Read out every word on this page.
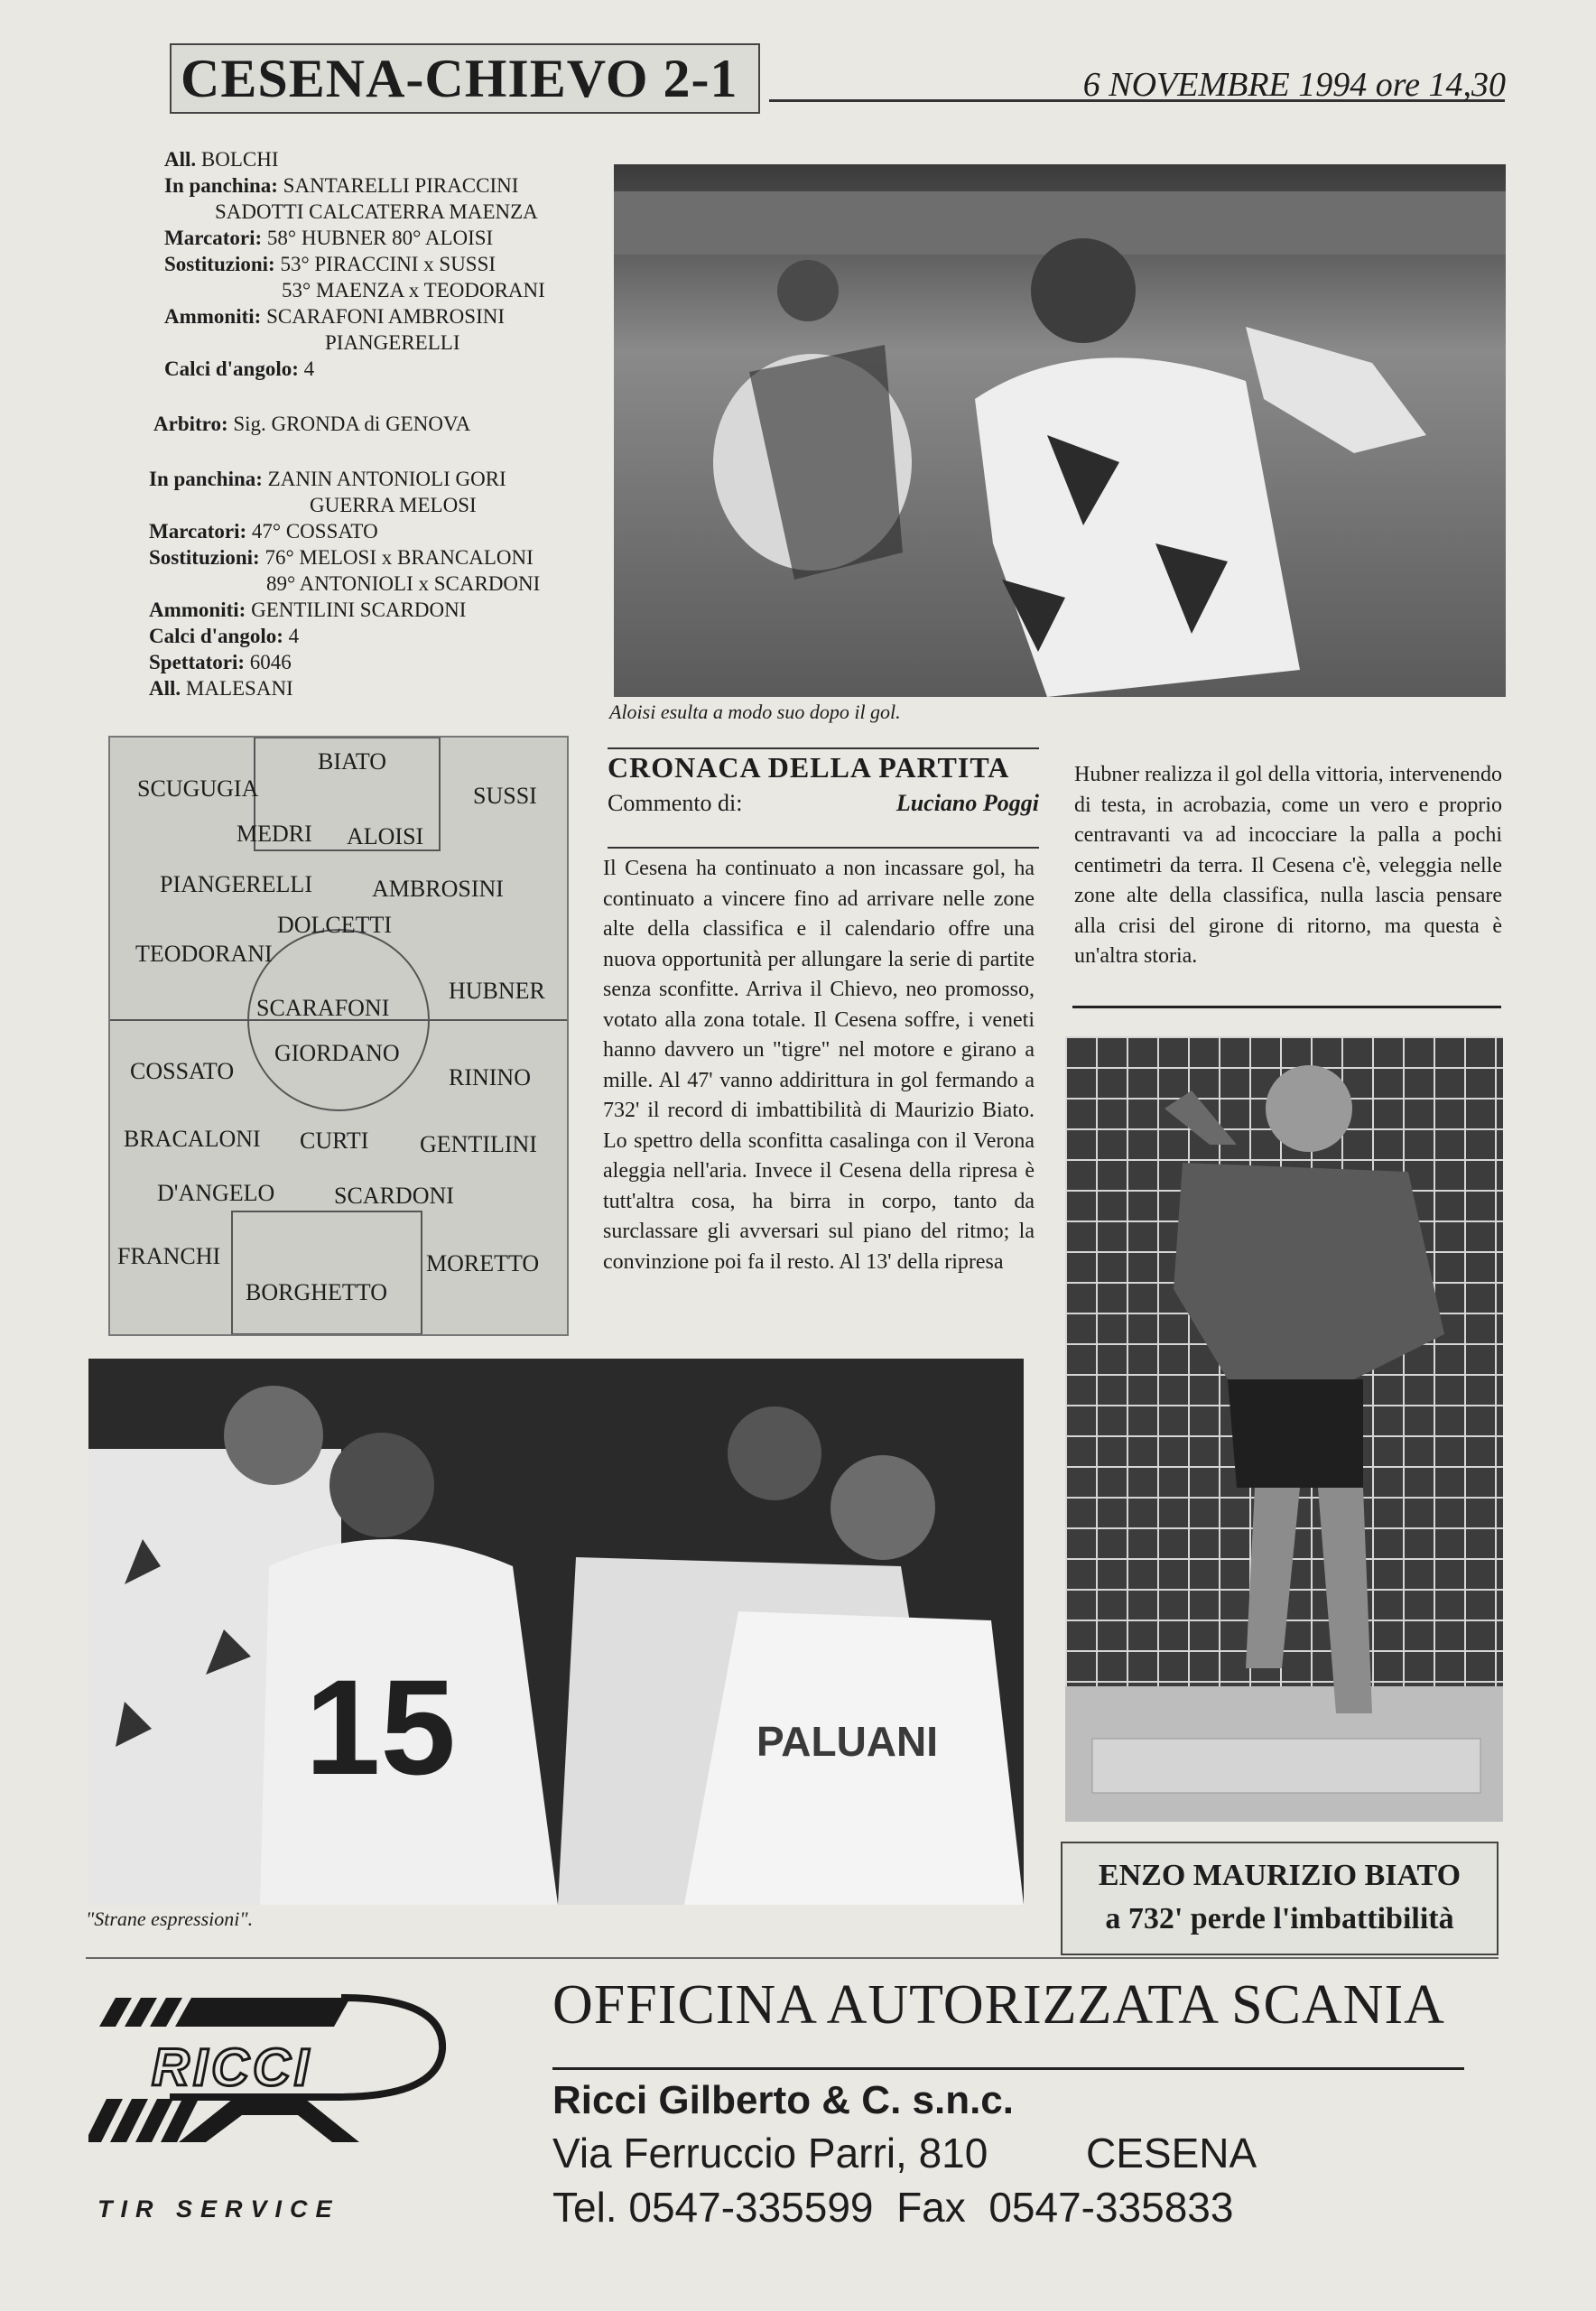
CESENA-CHIEVO 2-1	6 NOVEMBRE 1994 ore 14,30
All. BOLCHI
In panchina: SANTARELLI PIRACCINI
SADOTTI CALCATERRA MAENZA
Marcatori: 58° HUBNER 80° ALOISI
Sostituzioni: 53° PIRACCINI x SUSSI
53° MAENZA x TEODORANI
Ammoniti: SCARAFONI AMBROSINI
PIANGERELLI
Calci d'angolo: 4
Arbitro: Sig. GRONDA di GENOVA
In panchina: ZANIN ANTONIOLI GORI
GUERRA MELOSI
Marcatori: 47° COSSATO
Sostituzioni: 76° MELOSI x BRANCALONI
89° ANTONIOLI x SCARDONI
Ammoniti: GENTILINI SCARDONI
Calci d'angolo: 4
Spettatori: 6046
All. MALESANI
Aloisi esulta a modo suo dopo il gol.
BIATO
SCUGUGIA	SUSSI
MEDRI ALOISI
PIANGERELLI	AMBROSINI
DOLCETTI
TEODORANI
SCARAFONI
HUBNER
GIORDANO
COSSATO	RININO
BRACALONI CURTI GENTILINI
D'ANGELO	SCARDONI
FRANCHI	MORETTO
BORGHETTO
CRONACA DELLA PARTITA
Commento di:	Luciano Poggi
Il Cesena ha continuato a non incassare gol, ha continuato a vincere fino ad arrivare nelle zone alte della classifica e il calendario offre una nuova opportunità per allungare la serie di partite senza sconfitte. Arriva il Chievo, neo promosso, votato alla zona totale. Il Cesena soffre, i veneti hanno davvero un "tigre" nel motore e girano a mille. Al 47' vanno addirittura in gol fermando a 732' il record di imbattibilità di Maurizio Biato. Lo spettro della sconfitta casalinga con il Verona aleggia nell'aria. Invece il Cesena della ripresa è tutt'altra cosa, ha birra in corpo, tanto da surclassare gli avversari sul piano del ritmo; la convinzione poi fa il resto. Al 13' della ripresa
Hubner realizza il gol della vittoria, intervenendo di testa, in acrobazia, come un vero e proprio centravanti va ad incocciare la palla a pochi centimetri da terra. Il Cesena c'è, veleggia nelle zone alte della classifica, nulla lascia pensare alla crisi del girone di ritorno, ma questa è un'altra storia.
15	PALUANI
"Strane espressioni".
ENZO MAURIZIO BIATO
a 732' perde l'imbattibilità
RICCI
TIR SERVICE
OFFICINA AUTORIZZATA SCANIA
Ricci Gilberto & C. s.n.c.
Via Ferruccio Parri, 810 CESENA
Tel. 0547-335599  Fax  0547-335833
